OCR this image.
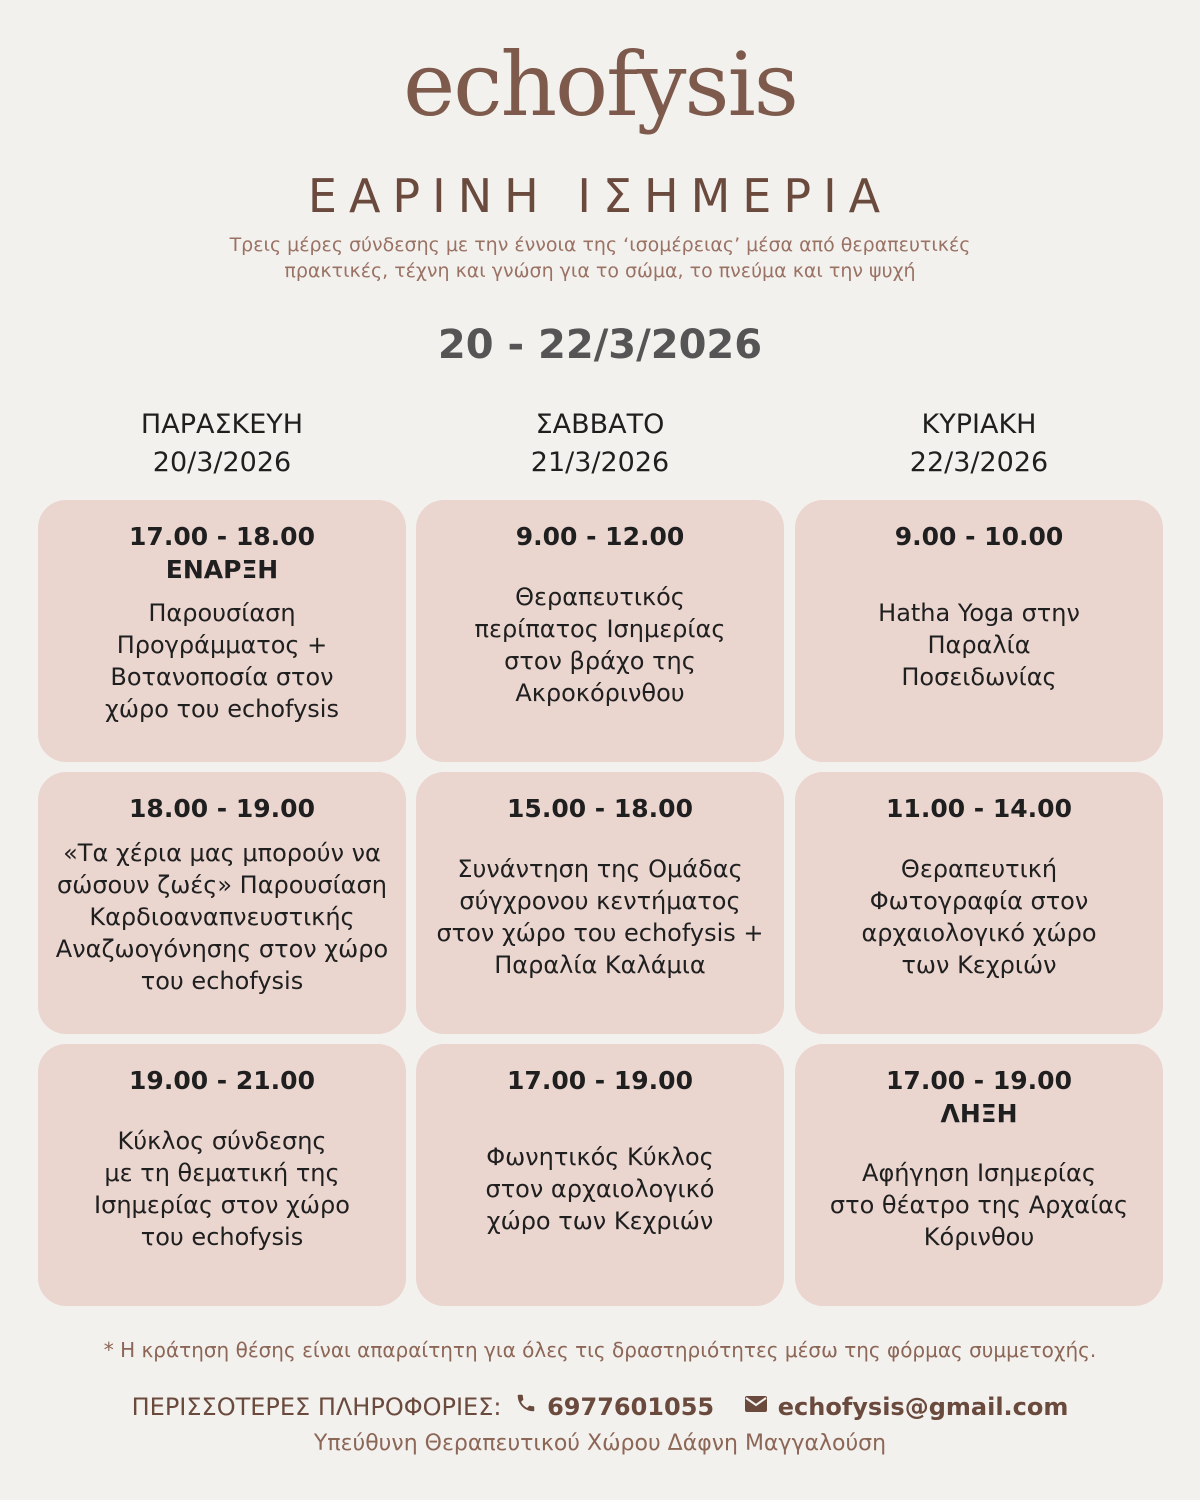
echofysis
ΕΑΡΙΝΗ ΙΣΗΜΕΡΙΑ
Τρεις μέρες σύνδεσης με την έννοια της ‘ισομέρειας’ μέσα από θεραπευτικές
πρακτικές, τέχνη και γνώση για το σώμα, το πνεύμα και την ψυχή
20 - 22/3/2026
ΠΑΡΑΣΚΕΥΗ
20/3/2026
ΣΑΒΒΑΤΟ
21/3/2026
ΚΥΡΙΑΚΗ
22/3/2026
17.00 - 18.00
ΕΝΑΡΞΗ
Παρουσίαση
Προγράμματος +
Βοτανοποσία στον
χώρο του echofysis
9.00 - 12.00
Θεραπευτικός
περίπατος Ισημερίας
στον βράχο της
Ακροκόρινθου
9.00 - 10.00
Hatha Yoga στην
Παραλία
Ποσειδωνίας
18.00 - 19.00
«Τα χέρια μας μπορούν να
σώσουν ζωές» Παρουσίαση
Καρδιοαναπνευστικής
Αναζωογόνησης στον χώρο
του echofysis
15.00 - 18.00
Συνάντηση της Ομάδας
σύγχρονου κεντήματος
στον χώρο του echofysis +
Παραλία Καλάμια
11.00 - 14.00
Θεραπευτική
Φωτογραφία στον
αρχαιολογικό χώρο
των Κεχριών
19.00 - 21.00
Κύκλος σύνδεσης
με τη θεματική της
Ισημερίας στον χώρο
του echofysis
17.00 - 19.00
Φωνητικός Κύκλος
στον αρχαιολογικό
χώρο των Κεχριών
17.00 - 19.00
ΛΗΞΗ
Αφήγηση Ισημερίας
στο θέατρο της Αρχαίας
Κόρινθου
* Η κράτηση θέσης είναι απαραίτητη για όλες τις δραστηριότητες μέσω της φόρμας συμμετοχής.
ΠΕΡΙΣΣΟΤΕΡΕΣ ΠΛΗΡΟΦΟΡΙΕΣ: 6977601055	echofysis@gmail.com
Υπεύθυνη Θεραπευτικού Χώρου Δάφνη Μαγγαλούση
